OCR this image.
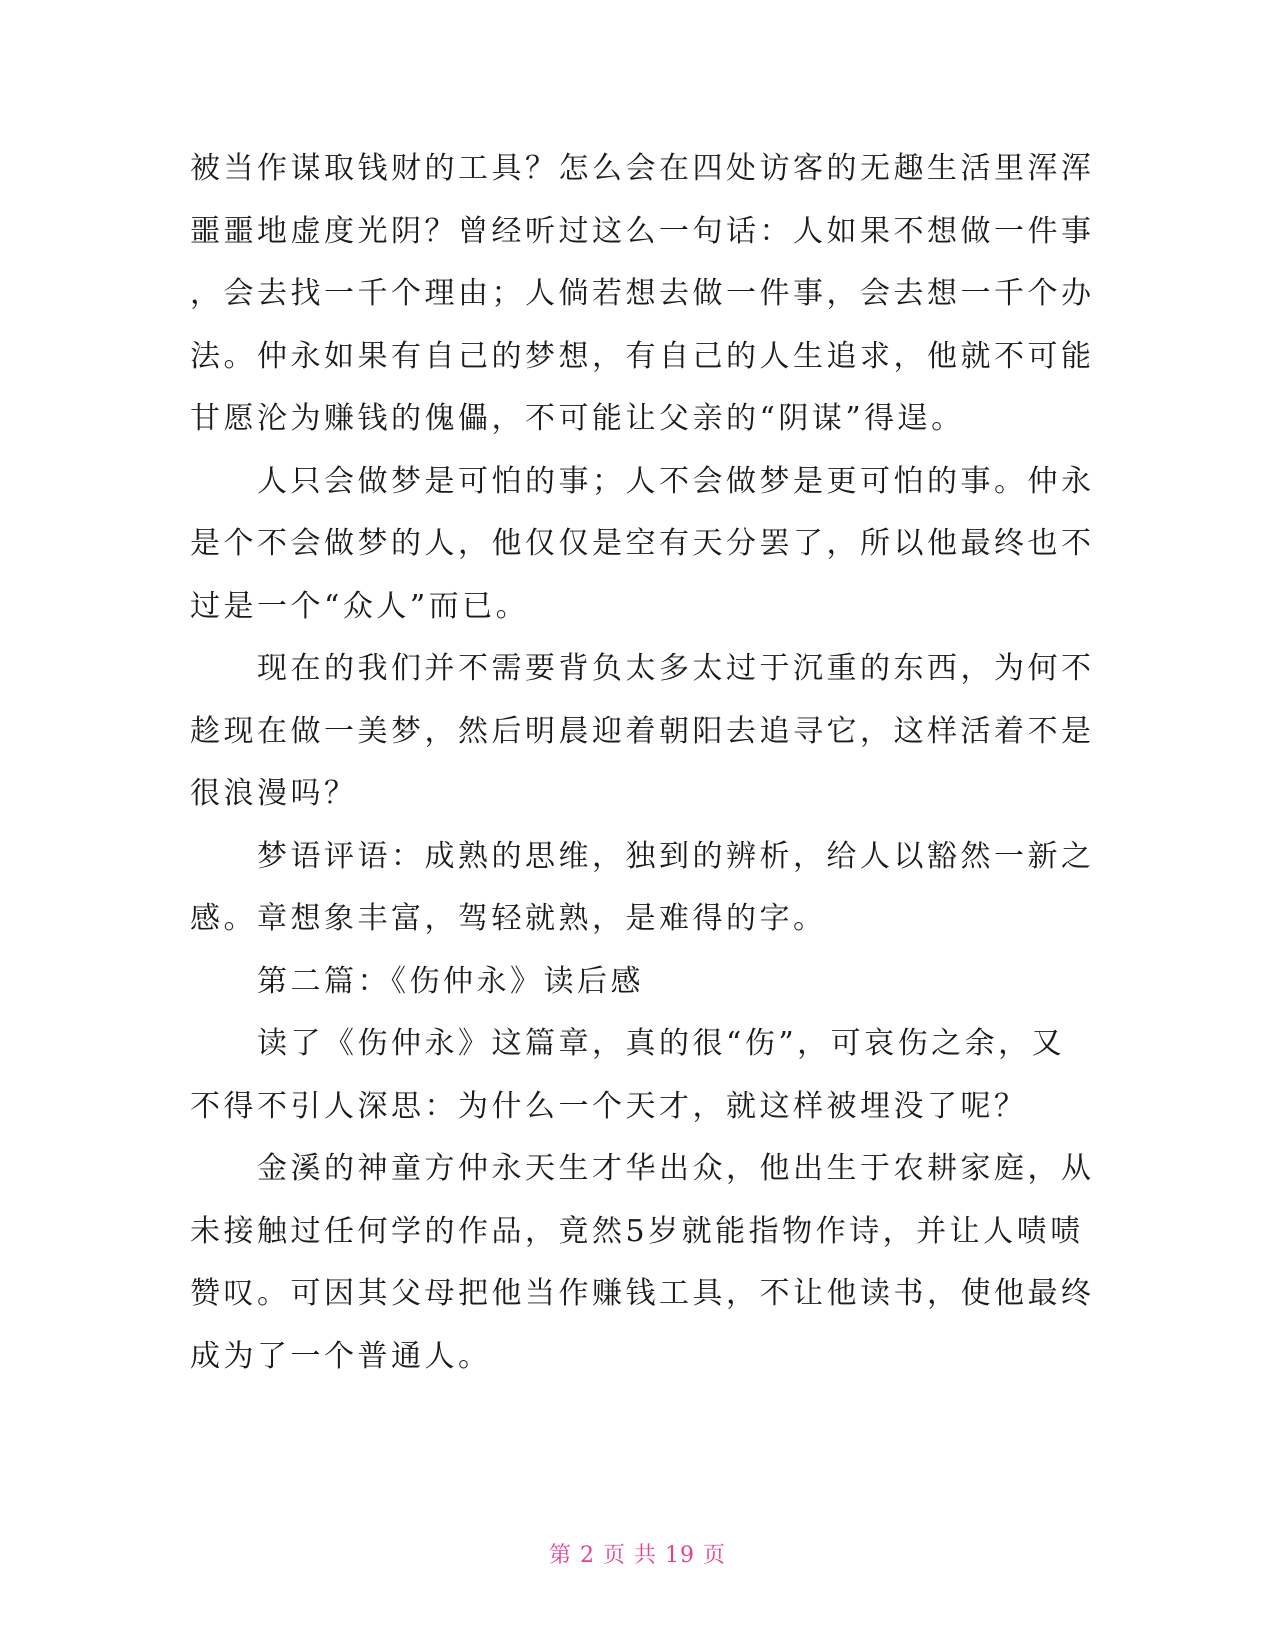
被当作谋取钱财的工具？怎么会在四处访客的无趣生活里浑浑
噩噩地虚度光阴？曾经听过这么一句话：人如果不想做一件事
，会去找一千个理由；人倘若想去做一件事，会去想一千个办
法。仲永如果有自己的梦想，有自己的人生追求，他就不可能
甘愿沦为赚钱的傀儡，不可能让父亲的“阴谋”得逞。
　　人只会做梦是可怕的事；人不会做梦是更可怕的事。仲永
是个不会做梦的人，他仅仅是空有天分罢了，所以他最终也不
过是一个“众人”而已。
　　现在的我们并不需要背负太多太过于沉重的东西，为何不
趁现在做一美梦，然后明晨迎着朝阳去追寻它，这样活着不是
很浪漫吗？
　　梦语评语：成熟的思维，独到的辨析，给人以豁然一新之
感。章想象丰富，驾轻就熟，是难得的字。
　　第二篇：《伤仲永》读后感
　　读了《伤仲永》这篇章，真的很“伤”，可哀伤之余，又
不得不引人深思：为什么一个天才，就这样被埋没了呢？
　　金溪的神童方仲永天生才华出众，他出生于农耕家庭，从
未接触过任何学的作品，竟然5岁就能指物作诗，并让人啧啧
赞叹。可因其父母把他当作赚钱工具，不让他读书，使他最终
成为了一个普通人。
第 2 页 共 19 页
